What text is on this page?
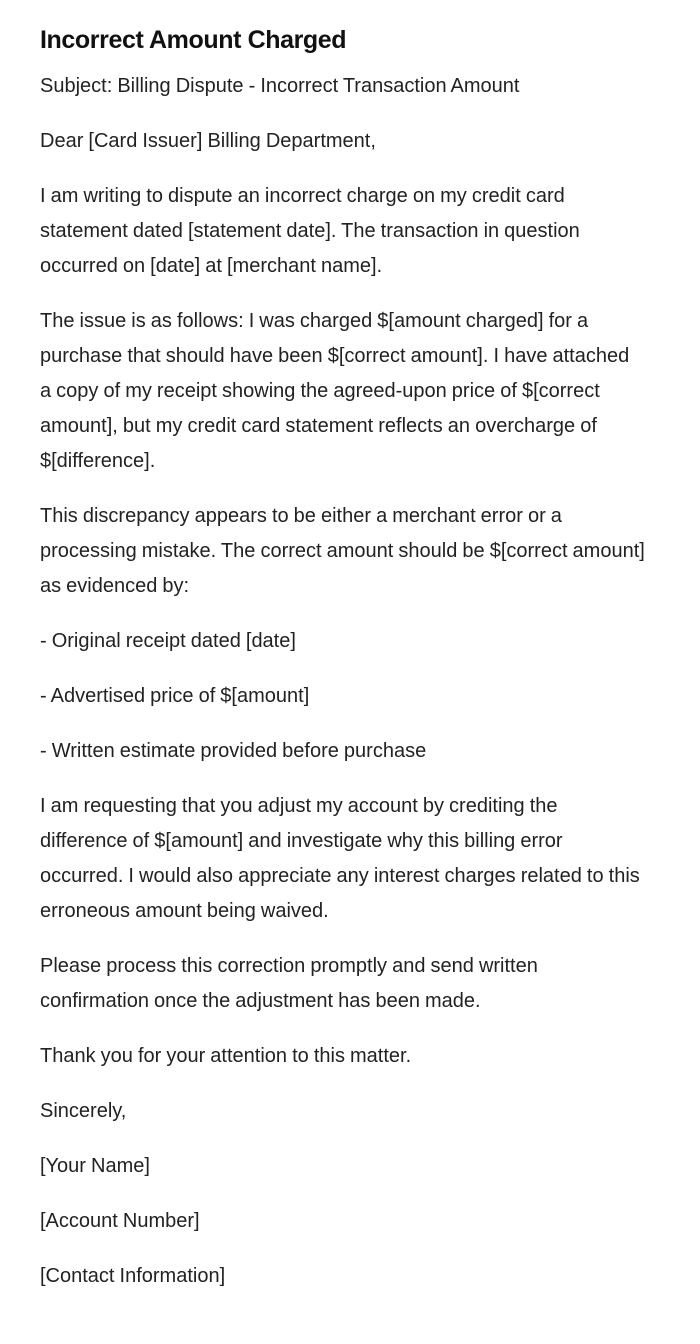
Incorrect Amount Charged

Subject: Billing Dispute - Incorrect Transaction Amount

Dear [Card Issuer] Billing Department,

I am writing to dispute an incorrect charge on my credit card statement dated [statement date]. The transaction in question occurred on [date] at [merchant name].

The issue is as follows: I was charged $[amount charged] for a purchase that should have been $[correct amount]. I have attached a copy of my receipt showing the agreed-upon price of $[correct amount], but my credit card statement reflects an overcharge of $[difference].

This discrepancy appears to be either a merchant error or a processing mistake. The correct amount should be $[correct amount] as evidenced by:

- Original receipt dated [date]

- Advertised price of $[amount]

- Written estimate provided before purchase

I am requesting that you adjust my account by crediting the difference of $[amount] and investigate why this billing error occurred. I would also appreciate any interest charges related to this erroneous amount being waived.

Please process this correction promptly and send written confirmation once the adjustment has been made.

Thank you for your attention to this matter.

Sincerely,

[Your Name]

[Account Number]

[Contact Information]
